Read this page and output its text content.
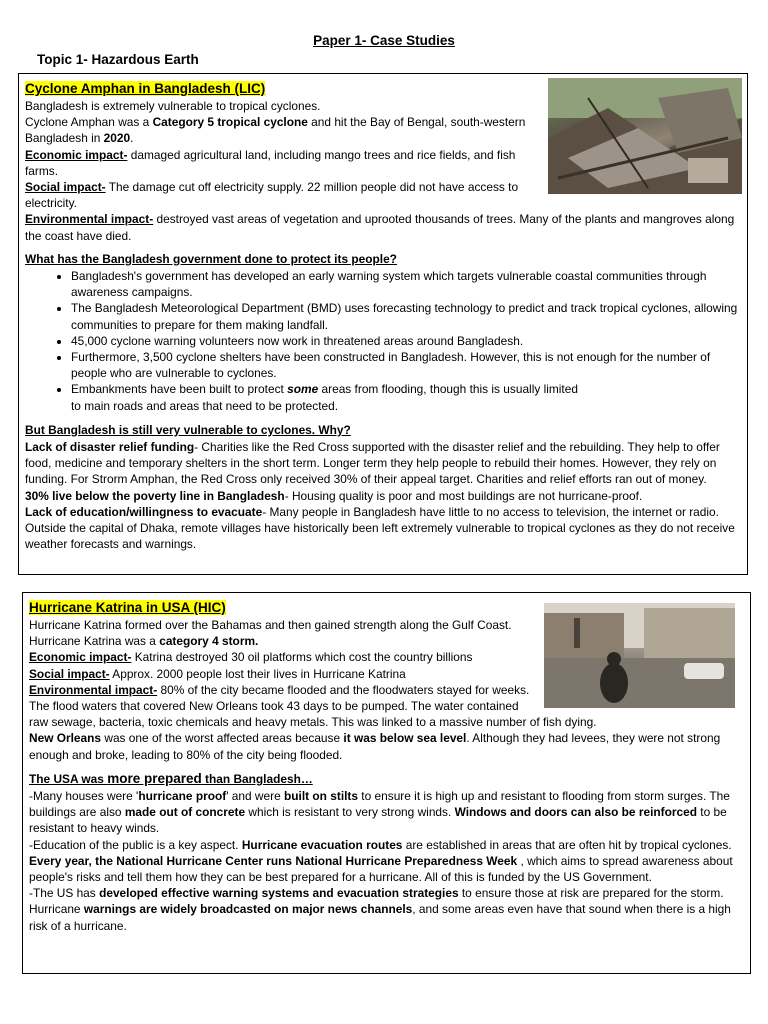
Paper 1- Case Studies
Topic 1- Hazardous Earth
Cyclone Amphan in Bangladesh (LIC)

Bangladesh is extremely vulnerable to tropical cyclones.

Cyclone Amphan was a Category 5 tropical cyclone and hit the Bay of Bengal, south-western Bangladesh in 2020.

Economic impact- damaged agricultural land, including mango trees and rice fields, and fish farms.

Social impact- The damage cut off electricity supply. 22 million people did not have access to electricity.

Environmental impact- destroyed vast areas of vegetation and uprooted thousands of trees. Many of the plants and mangroves along the coast have died.

What has the Bangladesh government done to protect its people?

• Bangladesh's government has developed an early warning system which targets vulnerable coastal communities through awareness campaigns.
• The Bangladesh Meteorological Department (BMD) uses forecasting technology to predict and track tropical cyclones, allowing communities to prepare for them making landfall.
• 45,000 cyclone warning volunteers now work in threatened areas around Bangladesh.
• Furthermore, 3,500 cyclone shelters have been constructed in Bangladesh. However, this is not enough for the number of people who are vulnerable to cyclones.
• Embankments have been built to protect some areas from flooding, though this is usually limited to main roads and areas that need to be protected.

But Bangladesh is still very vulnerable to cyclones. Why?

Lack of disaster relief funding- Charities like the Red Cross supported with the disaster relief and the rebuilding. They help to offer food, medicine and temporary shelters in the short term. Longer term they help people to rebuild their homes. However, they rely on funding. For Strorm Amphan, the Red Cross only received 30% of their appeal target. Charities and relief efforts ran out of money.

30% live below the poverty line in Bangladesh- Housing quality is poor and most buildings are not hurricane-proof.

Lack of education/willingness to evacuate- Many people in Bangladesh have little to no access to television, the internet or radio. Outside the capital of Dhaka, remote villages have historically been left extremely vulnerable to tropical cyclones as they do not receive weather forecasts and warnings.

Hurricane Katrina in USA (HIC)

Hurricane Katrina formed over the Bahamas and then gained strength along the Gulf Coast. Hurricane Katrina was a category 4 storm.

Economic impact- Katrina destroyed 30 oil platforms which cost the country billions

Social impact- Approx. 2000 people lost their lives in Hurricane Katrina

Environmental impact- 80% of the city became flooded and the floodwaters stayed for weeks. The flood waters that covered New Orleans took 43 days to be pumped. The water contained raw sewage, bacteria, toxic chemicals and heavy metals. This was linked to a massive number of fish dying.

New Orleans was one of the worst affected areas because it was below sea level. Although they had levees, they were not strong enough and broke, leading to 80% of the city being flooded.

The USA was more prepared than Bangladesh…

-Many houses were 'hurricane proof' and were built on stilts to ensure it is high up and resistant to flooding from storm surges. The buildings are also made out of concrete which is resistant to very strong winds. Windows and doors can also be reinforced to be resistant to heavy winds.

-Education of the public is a key aspect. Hurricane evacuation routes are established in areas that are often hit by tropical cyclones. Every year, the National Hurricane Center runs National Hurricane Preparedness Week , which aims to spread awareness about people's risks and tell them how they can be best prepared for a hurricane. All of this is funded by the US Government.

-The US has developed effective warning systems and evacuation strategies to ensure those at risk are prepared for the storm. Hurricane warnings are widely broadcasted on major news channels, and some areas even have that sound when there is a high risk of a hurricane.
